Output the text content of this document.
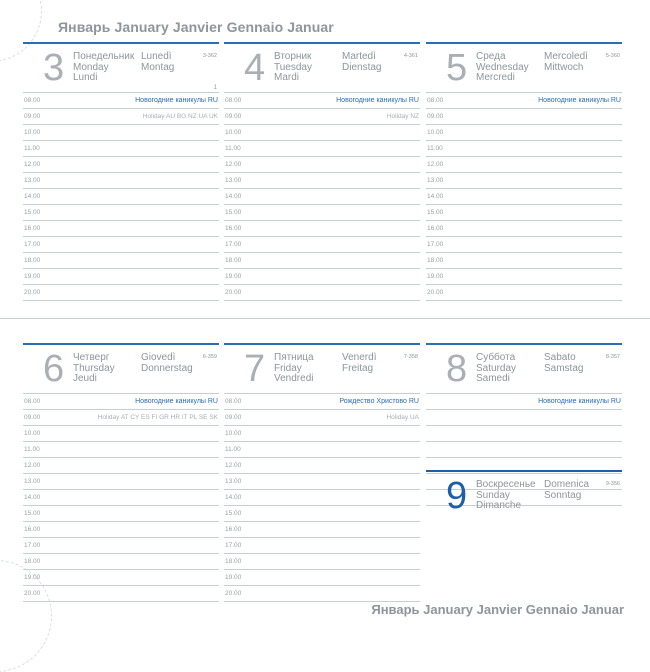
Январь January Janvier Gennaio Januar
3 Понедельник
Monday
Lundi
Lunedì
Montag
3-362
1
08.00	Новогодние каникулы RU
09.00	Holiday AU BG NZ UA UK
10.00
11.00
12.00
13.00
14.00
15.00
16.00
17.00
18.00
19.00
20.00
4 Вторник
Tuesday
Mardi
Martedì
Dienstag
4-361
08.00	Новогодние каникулы RU
09.00	Holiday NZ
10.00
11.00
12.00
13.00
14.00
15.00
16.00
17.00
18.00
19.00
20.00
5 Среда
Wednesday
Mercredi
Mercoledì
Mittwoch
5-360
08.00	Новогодние каникулы RU
09.00
10.00
11.00
12.00
13.00
14.00
15.00
16.00
17.00
18.00
19.00
20.00
6 Четверг
Thursday
Jeudi
Giovedì
Donnerstag
6-359
08.00	Новогодние каникулы RU
09.00	Holiday AT CY ES FI GR HR IT PL SE SK
10.00
11.00
12.00
13.00
14.00
15.00
16.00
17.00
18.00
19.00
20.00
7 Пятница
Friday
Vendredi
Venerdì
Freitag
7-358
08.00	Рождество Христово RU
09.00	Holiday UA
10.00
11.00
12.00
13.00
14.00
15.00
16.00
17.00
18.00
19.00
20.00
8 Суббота
Saturday
Samedi
Sabato
Samstag
8-357
Новогодние каникулы RU
9 Воскресенье
Sunday
Dimanche
Domenica
Sonntag
9-356
Январь January Janvier Gennaio Januar
